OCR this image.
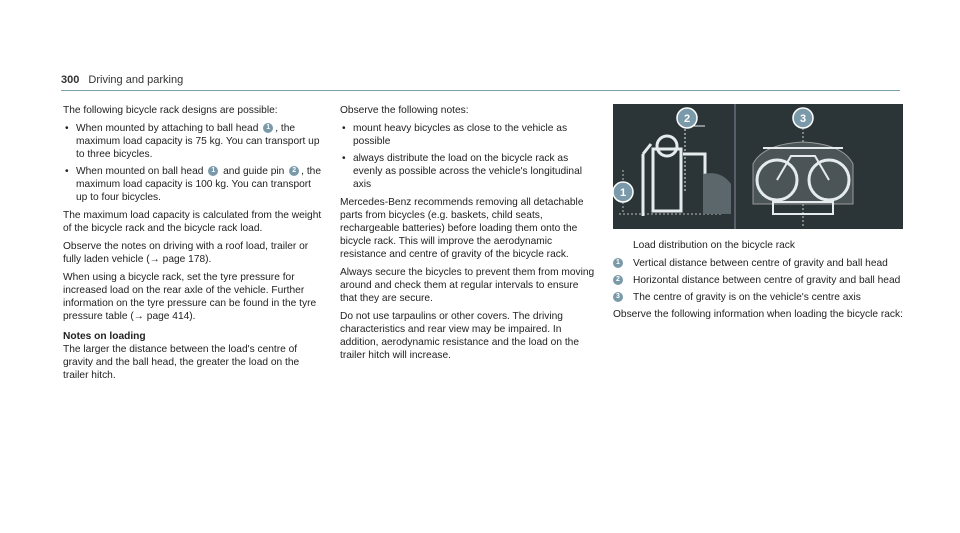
300 Driving and parking

The following bicycle rack designs are possible:

• When mounted by attaching to ball head 1 , the maximum load capacity is 75 kg. You can transport up to three bicycles.
• When mounted on ball head 1 and guide pin 2 , the maximum load capacity is 100 kg. You can transport up to four bicycles.

The maximum load capacity is calculated from the weight of the bicycle rack and the bicycle rack load.

Observe the notes on driving with a roof load, trailer or fully laden vehicle (→ page 178).

When using a bicycle rack, set the tyre pressure for increased load on the rear axle of the vehicle. Further information on the tyre pressure can be found in the tyre pressure table (→ page 414).

Notes on loading

The larger the distance between the load's centre of gravity and the ball head, the greater the load on the trailer hitch.

Observe the following notes:

• mount heavy bicycles as close to the vehicle as possible
• always distribute the load on the bicycle rack as evenly as possible across the vehicle's longitudinal axis

Mercedes-Benz recommends removing all detachable parts from bicycles (e.g. baskets, child seats, rechargeable batteries) before loading them onto the bicycle rack. This will improve the aerodynamic resistance and centre of gravity of the bicycle rack.

Always secure the bicycles to prevent them from moving around and check them at regular intervals to ensure that they are secure.

Do not use tarpaulins or other covers. The driving characteristics and rear view may be impaired. In addition, aerodynamic resistance and the load on the trailer hitch will increase.

2
1
3

Load distribution on the bicycle rack

1 Vertical distance between centre of gravity and ball head
2 Horizontal distance between centre of gravity and ball head
3 The centre of gravity is on the vehicle's centre axis

Observe the following information when loading the bicycle rack:
